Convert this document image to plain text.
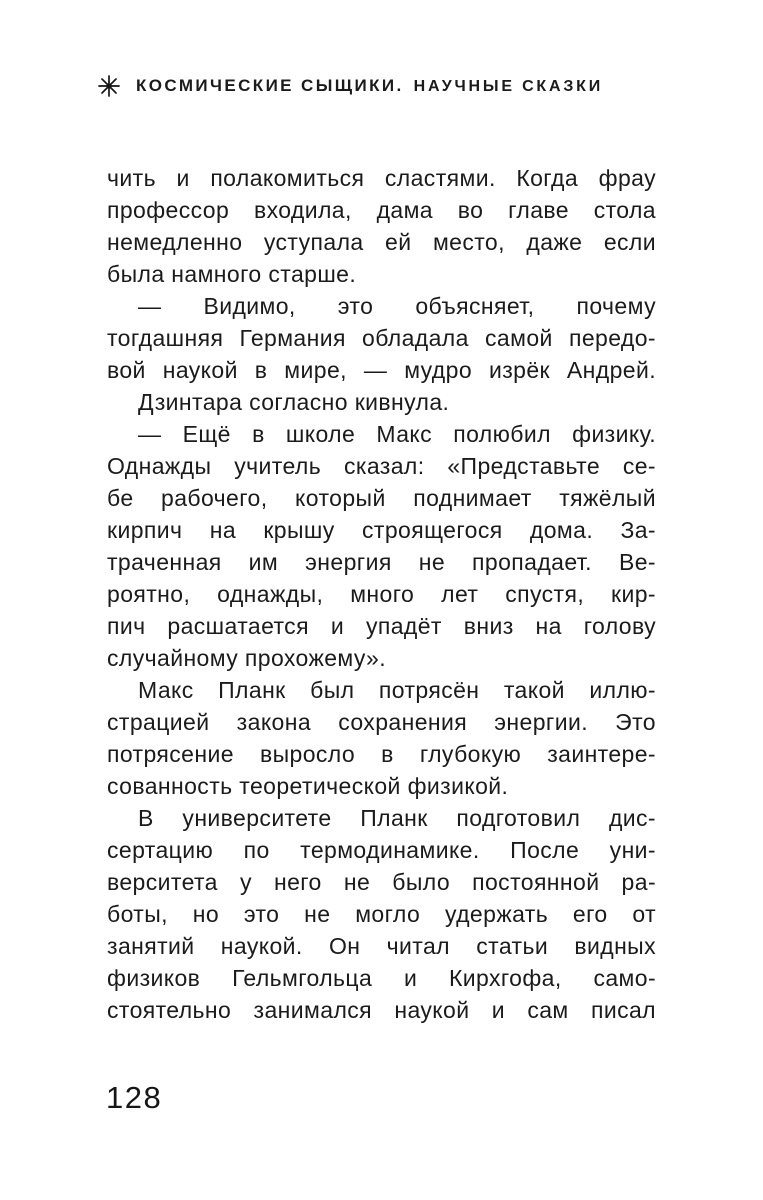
КОСМИЧЕСКИЕ СЫЩИКИ. НАУЧНЫЕ СКАЗКИ
чить и полакомиться сластями. Когда фрау
профессор входила, дама во главе стола
немедленно уступала ей место, даже если
была намного старше.
— Видимо, это объясняет, почему
тогдашняя Германия обладала самой передо-
вой наукой в мире, — мудро изрёк Андрей.
Дзинтара согласно кивнула.
— Ещё в школе Макс полюбил физику.
Однажды учитель сказал: «Представьте се-
бе рабочего, который поднимает тяжёлый
кирпич на крышу строящегося дома. За-
траченная им энергия не пропадает. Ве-
роятно, однажды, много лет спустя, кир-
пич расшатается и упадёт вниз на голову
случайному прохожему».
Макс Планк был потрясён такой иллю-
страцией закона сохранения энергии. Это
потрясение выросло в глубокую заинтере-
сованность теоретической физикой.
В университете Планк подготовил дис-
сертацию по термодинамике. После уни-
верситета у него не было постоянной ра-
боты, но это не могло удержать его от
занятий наукой. Он читал статьи видных
физиков Гельмгольца и Кирхгофа, само-
стоятельно занимался наукой и сам писал
128
